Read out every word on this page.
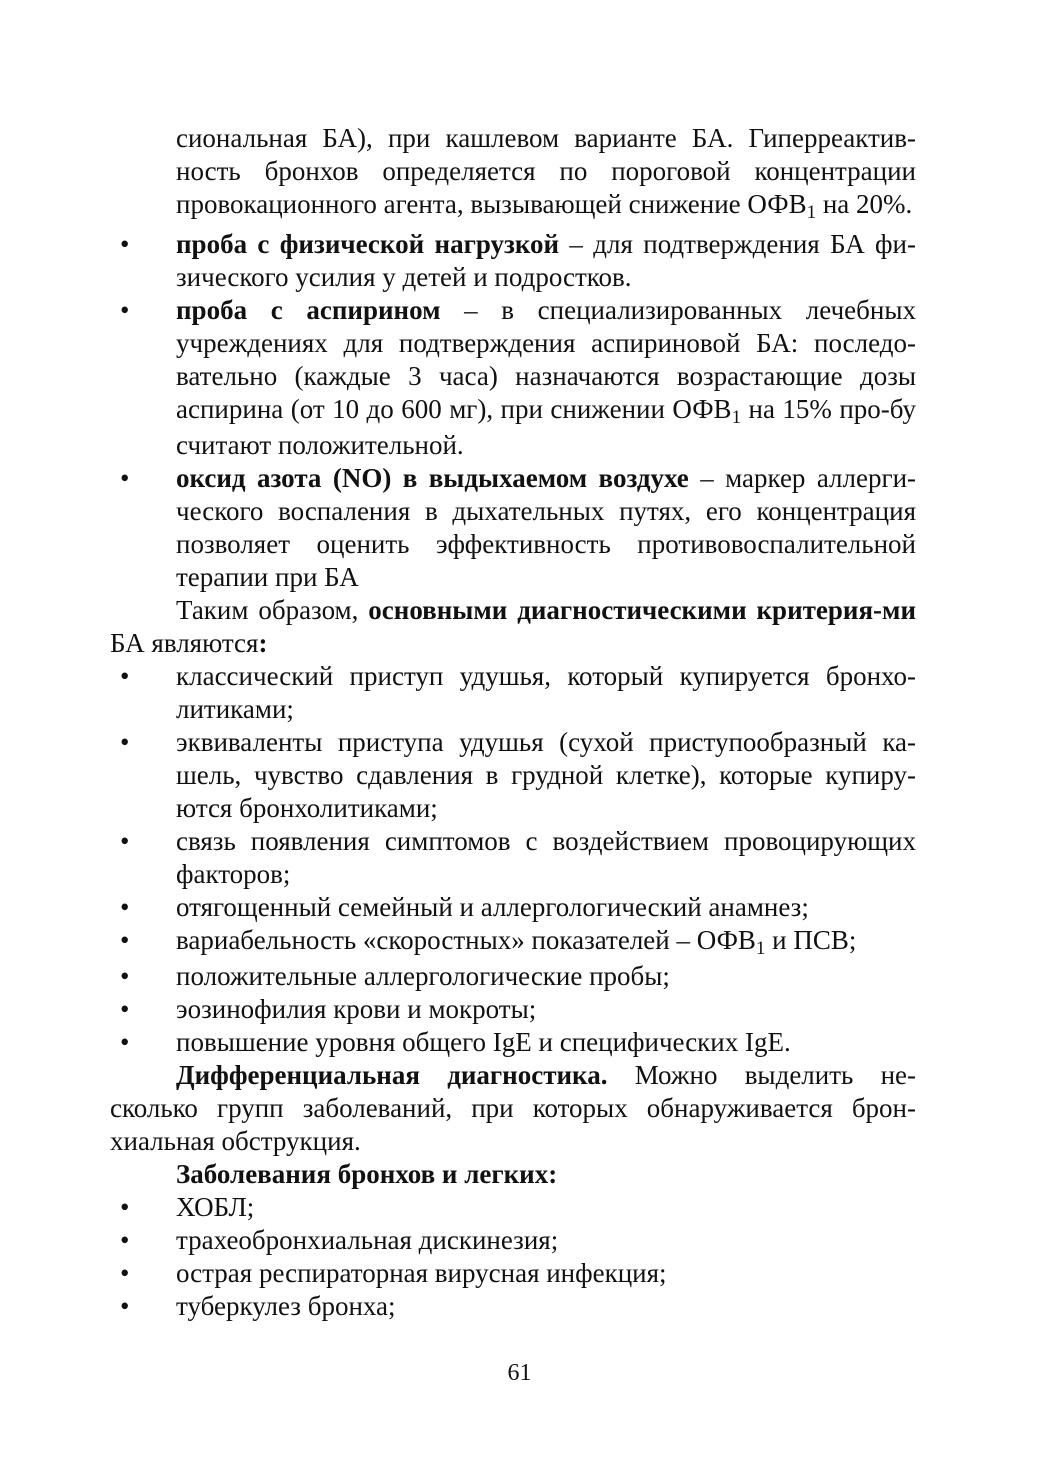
сиональная БА), при кашлевом варианте БА. Гиперреактив-ность бронхов определяется по пороговой концентрации провокационного агента, вызывающей снижение ОФВ1 на 20%.

• проба с физической нагрузкой – для подтверждения БА фи-зического усилия у детей и подростков.
• проба с аспирином – в специализированных лечебных учреждениях для подтверждения аспириновой БА: последо-вательно (каждые 3 часа) назначаются возрастающие дозы аспирина (от 10 до 600 мг), при снижении ОФВ1 на 15% про-бу считают положительной.
• оксид азота (NO) в выдыхаемом воздухе – маркер аллерги-ческого воспаления в дыхательных путях, его концентрация позволяет оценить эффективность противовоспалительной терапии при БА

Таким образом, основными диагностическими критерия-ми БА являются:

• классический приступ удушья, который купируется бронхо-литиками;
• эквиваленты приступа удушья (сухой приступообразный ка-шель, чувство сдавления в грудной клетке), которые купиру-ются бронхолитиками;
• связь появления симптомов с воздействием провоцирующих факторов;
• отягощенный семейный и аллергологический анамнез;
• вариабельность «скоростных» показателей – ОФВ1 и ПСВ;
• положительные аллергологические пробы;
• эозинофилия крови и мокроты;
• повышение уровня общего IgE и специфических IgE.

Дифференциальная диагностика. Можно выделить не-сколько групп заболеваний, при которых обнаруживается брон-хиальная обструкция.

Заболевания бронхов и легких:

• ХОБЛ;
• трахеобронхиальная дискинезия;
• острая респираторная вирусная инфекция;
• туберкулез бронха;
61
